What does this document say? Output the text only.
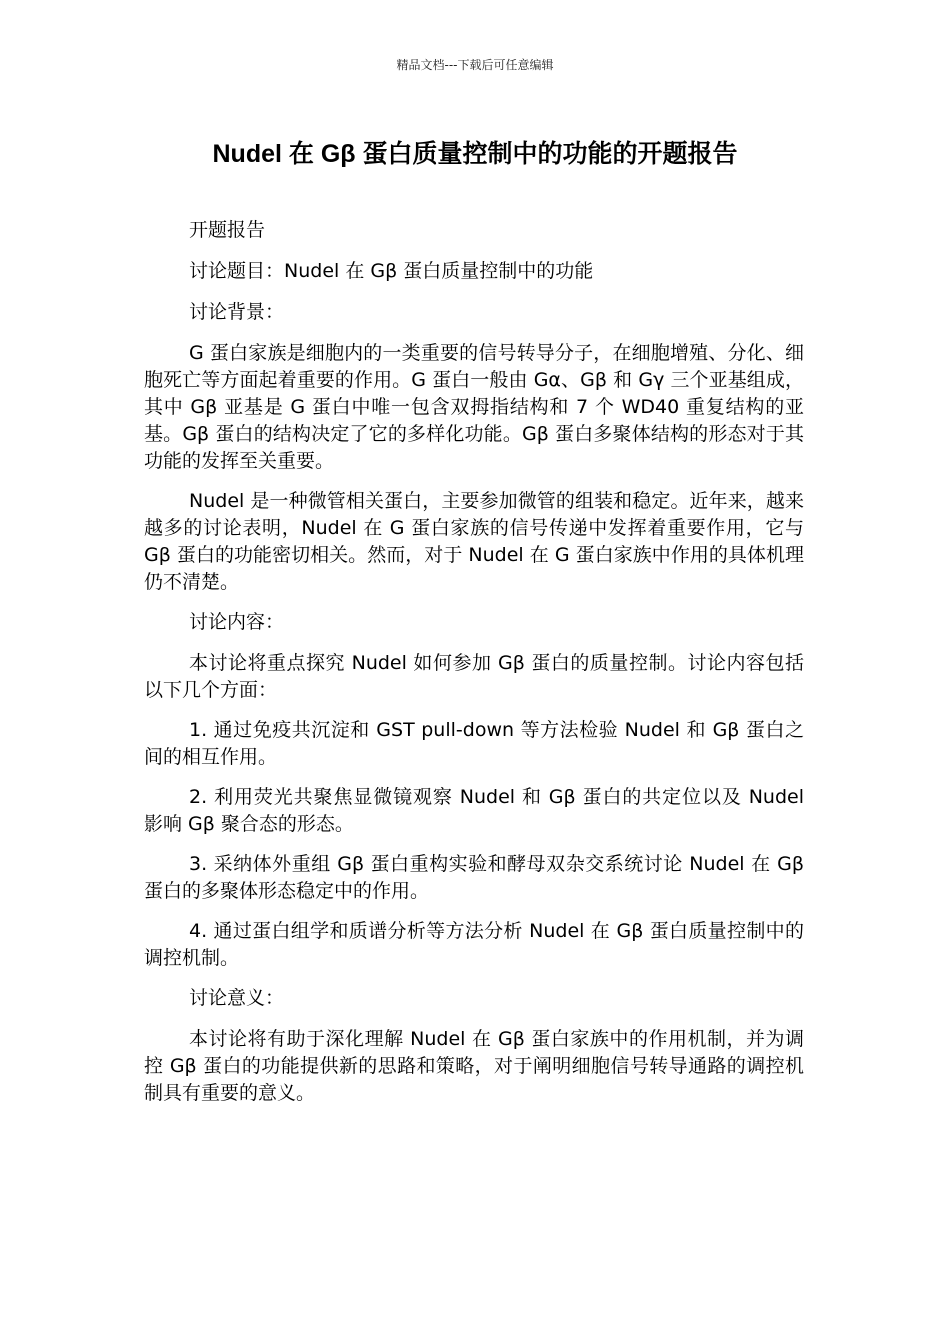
精品文档---下载后可任意编辑
Nudel 在 Gβ 蛋白质量控制中的功能的开题报告

开题报告

讨论题目：Nudel 在 Gβ 蛋白质量控制中的功能

讨论背景：

G 蛋白家族是细胞内的一类重要的信号转导分子，在细胞增殖、分化、细胞死亡等方面起着重要的作用。G 蛋白一般由 Gα、Gβ 和 Gγ 三个亚基组成，其中 Gβ 亚基是 G 蛋白中唯一包含双拇指结构和 7 个 WD40 重复结构的亚基。Gβ 蛋白的结构决定了它的多样化功能。Gβ 蛋白多聚体结构的形态对于其功能的发挥至关重要。

Nudel 是一种微管相关蛋白，主要参加微管的组装和稳定。近年来，越来越多的讨论表明，Nudel 在 G 蛋白家族的信号传递中发挥着重要作用，它与 Gβ 蛋白的功能密切相关。然而，对于 Nudel 在 G 蛋白家族中作用的具体机理仍不清楚。

讨论内容：

本讨论将重点探究 Nudel 如何参加 Gβ 蛋白的质量控制。讨论内容包括以下几个方面：

1. 通过免疫共沉淀和 GST pull-down 等方法检验 Nudel 和 Gβ 蛋白之间的相互作用。

2. 利用荧光共聚焦显微镜观察 Nudel 和 Gβ 蛋白的共定位以及 Nudel 影响 Gβ 聚合态的形态。

3. 采纳体外重组 Gβ 蛋白重构实验和酵母双杂交系统讨论 Nudel 在 Gβ 蛋白的多聚体形态稳定中的作用。

4. 通过蛋白组学和质谱分析等方法分析 Nudel 在 Gβ 蛋白质量控制中的调控机制。

讨论意义：

本讨论将有助于深化理解 Nudel 在 Gβ 蛋白家族中的作用机制，并为调控 Gβ 蛋白的功能提供新的思路和策略，对于阐明细胞信号转导通路的调控机制具有重要的意义。
